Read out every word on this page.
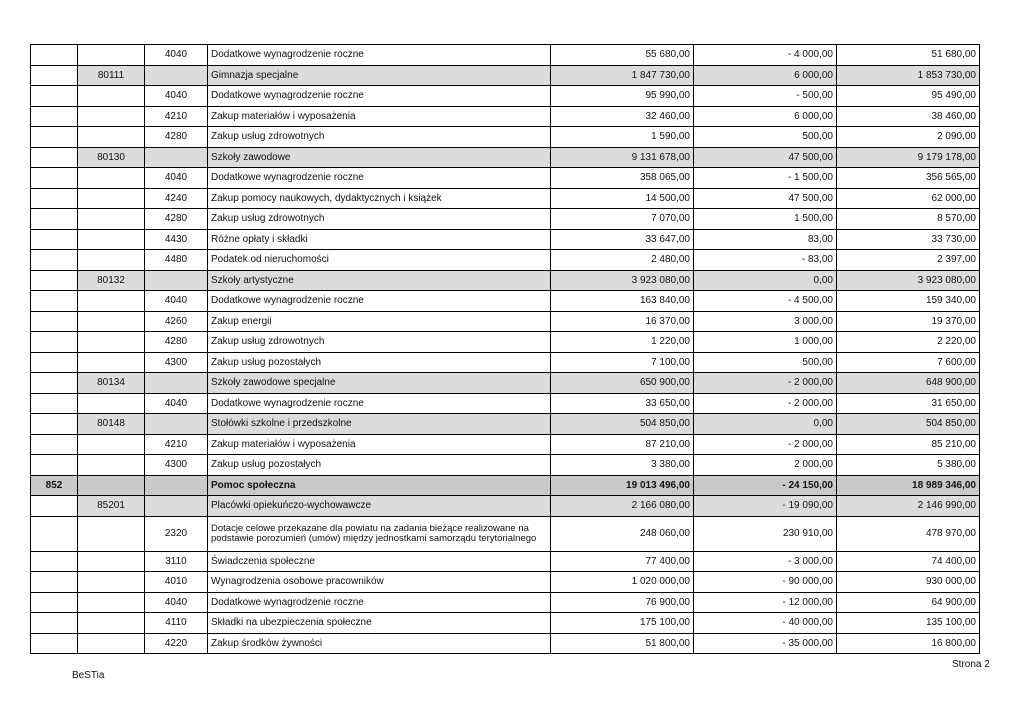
		4040	Dodatkowe wynagrodzenie roczne	55 680,00	- 4 000,00	51 680,00
	80111		Gimnazja specjalne	1 847 730,00	6 000,00	1 853 730,00
		4040	Dodatkowe wynagrodzenie roczne	95 990,00	- 500,00	95 490,00
		4210	Zakup materiałów i wyposażenia	32 460,00	6 000,00	38 460,00
		4280	Zakup usług zdrowotnych	1 590,00	500,00	2 090,00
	80130		Szkoły zawodowe	9 131 678,00	47 500,00	9 179 178,00
		4040	Dodatkowe wynagrodzenie roczne	358 065,00	- 1 500,00	356 565,00
		4240	Zakup pomocy naukowych, dydaktycznych i książek	14 500,00	47 500,00	62 000,00
		4280	Zakup usług zdrowotnych	7 070,00	1 500,00	8 570,00
		4430	Różne opłaty i składki	33 647,00	83,00	33 730,00
		4480	Podatek od nieruchomości	2 480,00	- 83,00	2 397,00
	80132		Szkoły artystyczne	3 923 080,00	0,00	3 923 080,00
		4040	Dodatkowe wynagrodzenie roczne	163 840,00	- 4 500,00	159 340,00
		4260	Zakup energii	16 370,00	3 000,00	19 370,00
		4280	Zakup usług zdrowotnych	1 220,00	1 000,00	2 220,00
		4300	Zakup usług pozostałych	7 100,00	500,00	7 600,00
	80134		Szkoły zawodowe specjalne	650 900,00	- 2 000,00	648 900,00
		4040	Dodatkowe wynagrodzenie roczne	33 650,00	- 2 000,00	31 650,00
	80148		Stołówki szkolne i przedszkolne	504 850,00	0,00	504 850,00
		4210	Zakup materiałów i wyposażenia	87 210,00	- 2 000,00	85 210,00
		4300	Zakup usług pozostałych	3 380,00	2 000,00	5 380,00
852			Pomoc społeczna	19 013 496,00	- 24 150,00	18 989 346,00
	85201		Placówki opiekuńczo-wychowawcze	2 166 080,00	- 19 090,00	2 146 990,00
		2320	Dotacje celowe przekazane dla powiatu na zadania bieżące realizowane na podstawie porozumień (umów) między jednostkami samorządu terytorialnego	248 060,00	230 910,00	478 970,00
		3110	Świadczenia społeczne	77 400,00	- 3 000,00	74 400,00
		4010	Wynagrodzenia osobowe pracowników	1 020 000,00	- 90 000,00	930 000,00
		4040	Dodatkowe wynagrodzenie roczne	76 900,00	- 12 000,00	64 900,00
		4110	Składki na ubezpieczenia społeczne	175 100,00	- 40 000,00	135 100,00
		4220	Zakup środków żywności	51 800,00	- 35 000,00	16 800,00
BeSTia
Strona 2
